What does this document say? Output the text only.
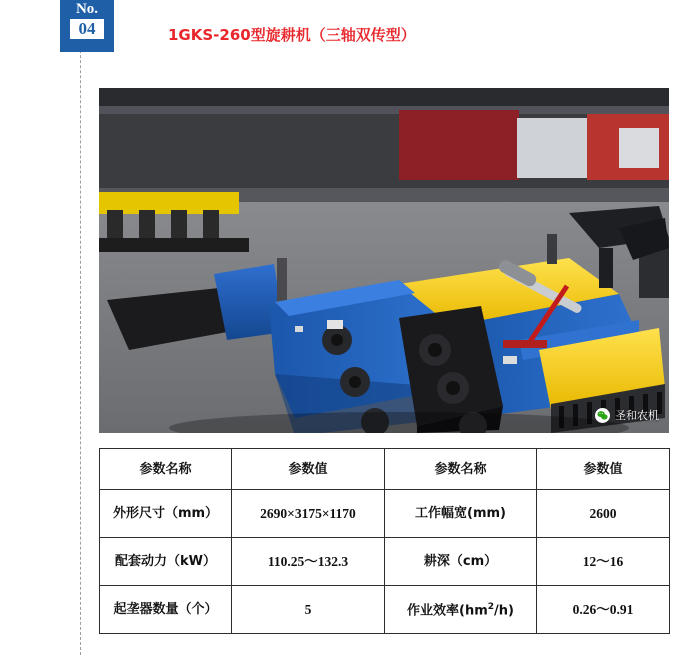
No.
04	1GKS-260型旋耕机（三轴双传型）
圣和农机
参数名称	参数值	参数名称	参数值
外形尺寸（mm）	2690×3175×1170	工作幅宽(mm)	2600
配套动力（kW）	110.25～132.3	耕深（cm）	12～16
起垄器数量（个）	5	作业效率$(hm^2/h)$	0.26～0.91
